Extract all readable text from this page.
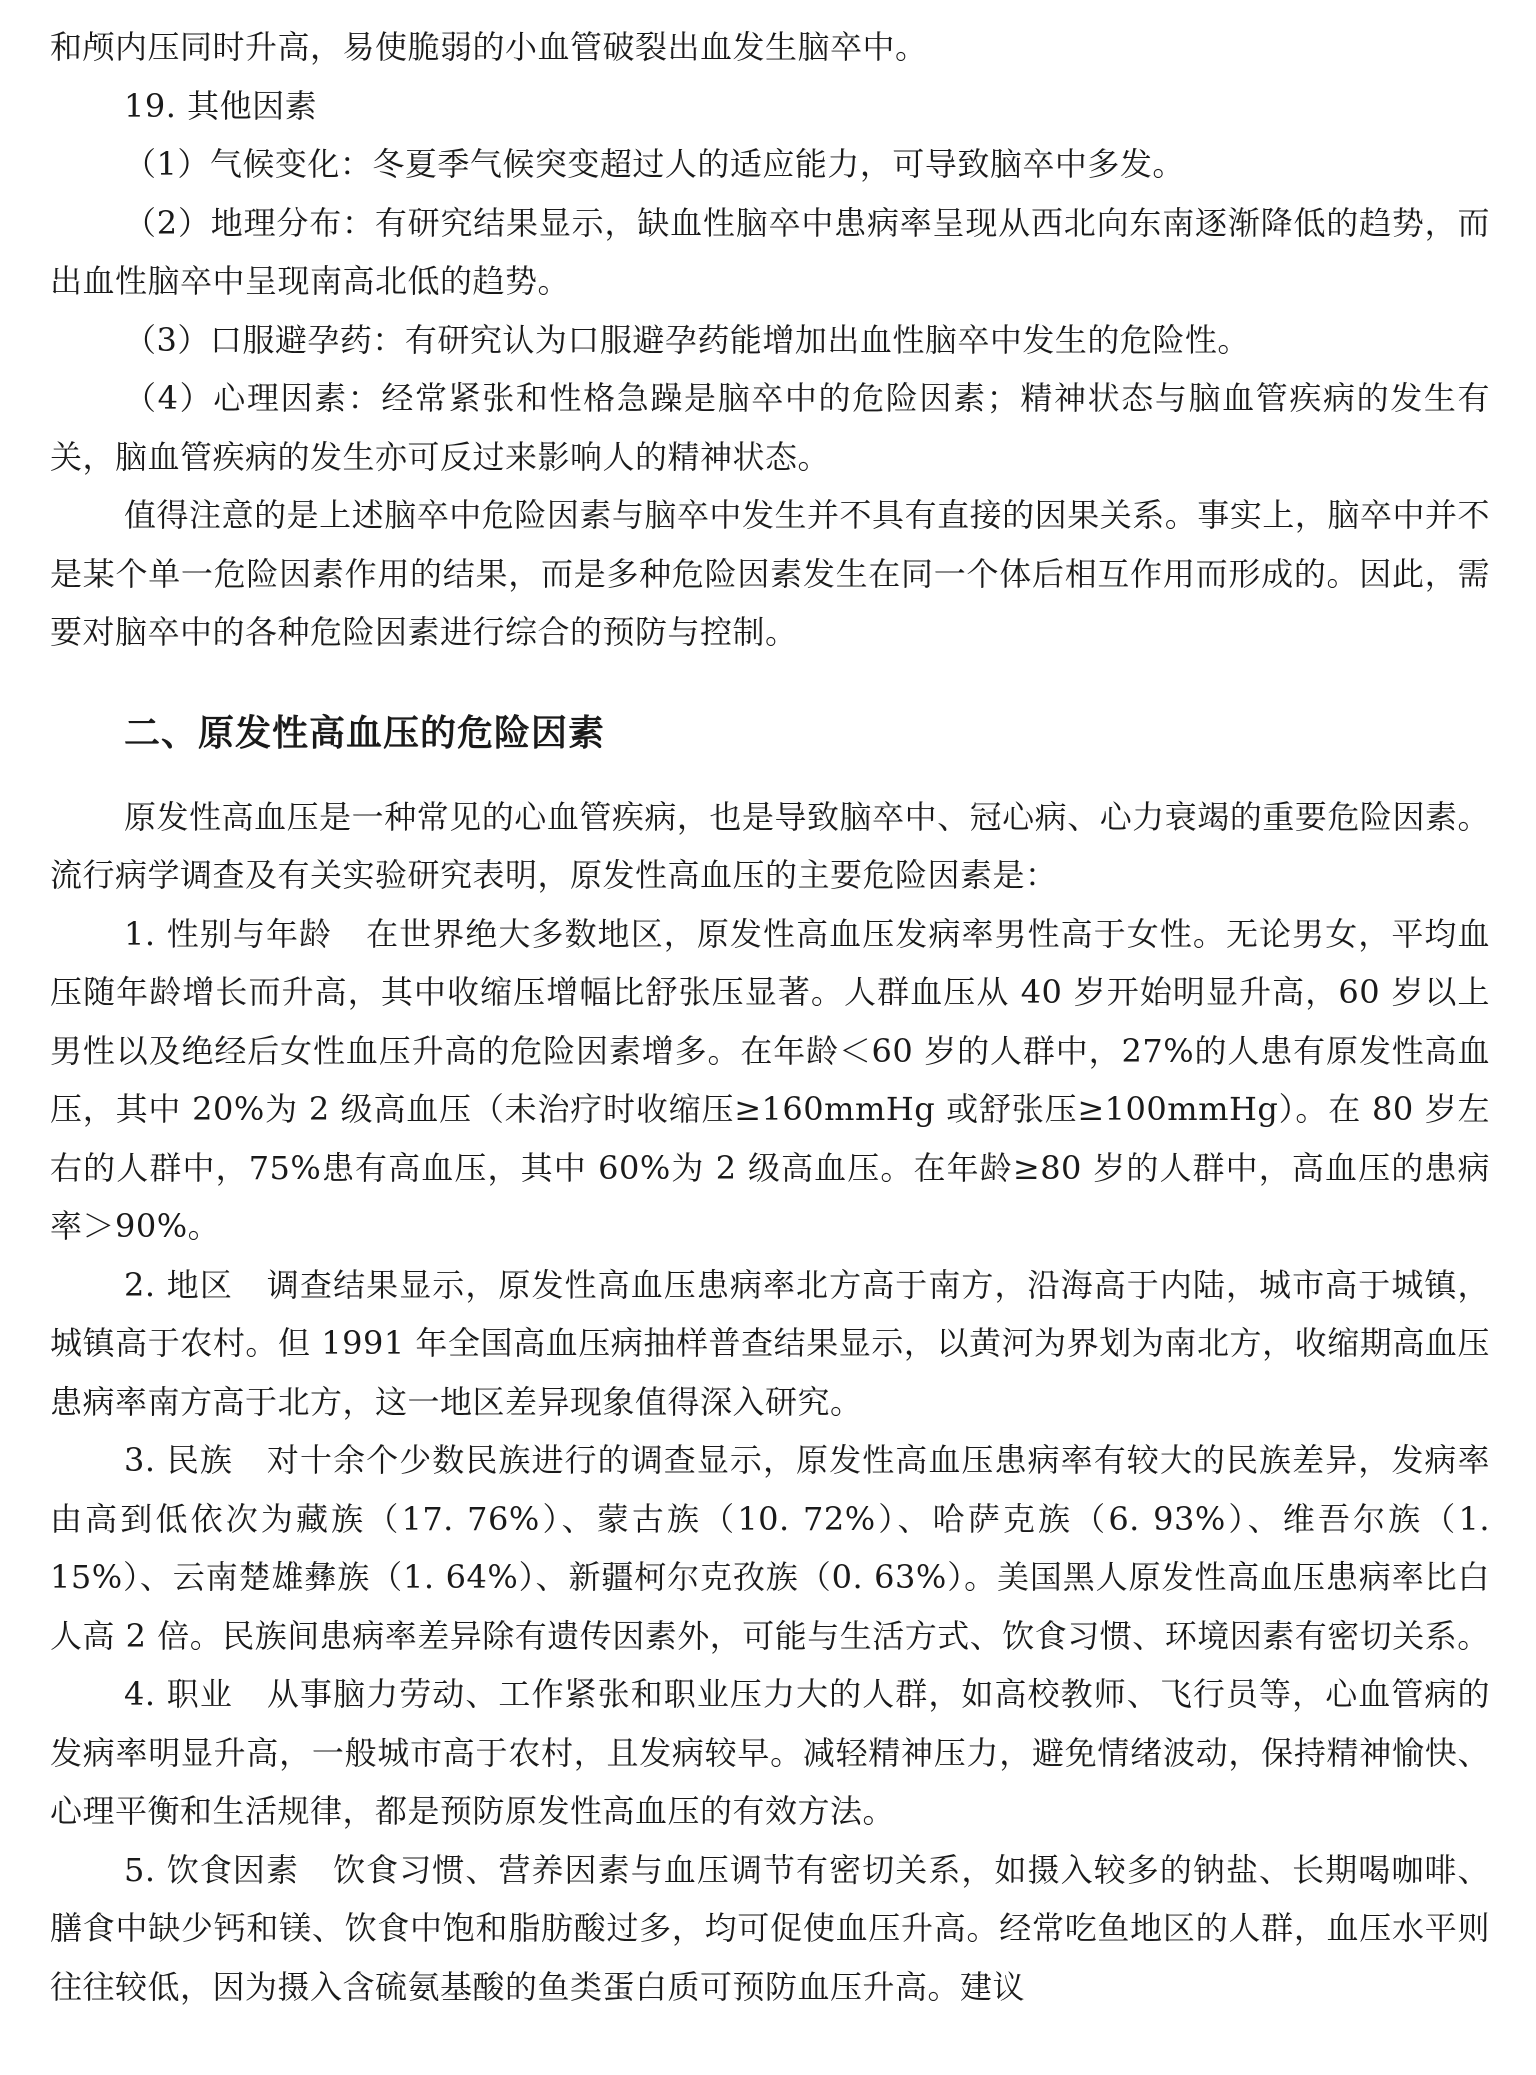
和颅内压同时升高，易使脆弱的小血管破裂出血发生脑卒中。

19. 其他因素

（1）气候变化：冬夏季气候突变超过人的适应能力，可导致脑卒中多发。

（2）地理分布：有研究结果显示，缺血性脑卒中患病率呈现从西北向东南逐渐降低的趋势，而出血性脑卒中呈现南高北低的趋势。

（3）口服避孕药：有研究认为口服避孕药能增加出血性脑卒中发生的危险性。

（4）心理因素：经常紧张和性格急躁是脑卒中的危险因素；精神状态与脑血管疾病的发生有关，脑血管疾病的发生亦可反过来影响人的精神状态。

值得注意的是上述脑卒中危险因素与脑卒中发生并不具有直接的因果关系。事实上，脑卒中并不是某个单一危险因素作用的结果，而是多种危险因素发生在同一个体后相互作用而形成的。因此，需要对脑卒中的各种危险因素进行综合的预防与控制。

二、原发性高血压的危险因素

原发性高血压是一种常见的心血管疾病，也是导致脑卒中、冠心病、心力衰竭的重要危险因素。流行病学调查及有关实验研究表明，原发性高血压的主要危险因素是：

1. 性别与年龄 在世界绝大多数地区，原发性高血压发病率男性高于女性。无论男女，平均血压随年龄增长而升高，其中收缩压增幅比舒张压显著。人群血压从 40 岁开始明显升高，60 岁以上男性以及绝经后女性血压升高的危险因素增多。在年龄＜60 岁的人群中，27%的人患有原发性高血压，其中 20%为 2 级高血压（未治疗时收缩压≥160mmHg 或舒张压≥100mmHg）。在 80 岁左右的人群中，75%患有高血压，其中 60%为 2 级高血压。在年龄≥80 岁的人群中，高血压的患病率＞90%。

2. 地区 调查结果显示，原发性高血压患病率北方高于南方，沿海高于内陆，城市高于城镇，城镇高于农村。但 1991 年全国高血压病抽样普查结果显示，以黄河为界划为南北方，收缩期高血压患病率南方高于北方，这一地区差异现象值得深入研究。

3. 民族 对十余个少数民族进行的调查显示，原发性高血压患病率有较大的民族差异，发病率由高到低依次为藏族（17. 76%）、蒙古族（10. 72%）、哈萨克族（6. 93%）、维吾尔族（1. 15%）、云南楚雄彝族（1. 64%）、新疆柯尔克孜族（0. 63%）。美国黑人原发性高血压患病率比白人高 2 倍。民族间患病率差异除有遗传因素外，可能与生活方式、饮食习惯、环境因素有密切关系。

4. 职业 从事脑力劳动、工作紧张和职业压力大的人群，如高校教师、飞行员等，心血管病的发病率明显升高，一般城市高于农村，且发病较早。减轻精神压力，避免情绪波动，保持精神愉快、心理平衡和生活规律，都是预防原发性高血压的有效方法。

5. 饮食因素 饮食习惯、营养因素与血压调节有密切关系，如摄入较多的钠盐、长期喝咖啡、膳食中缺少钙和镁、饮食中饱和脂肪酸过多，均可促使血压升高。经常吃鱼地区的人群，血压水平则往往较低，因为摄入含硫氨基酸的鱼类蛋白质可预防血压升高。建议
